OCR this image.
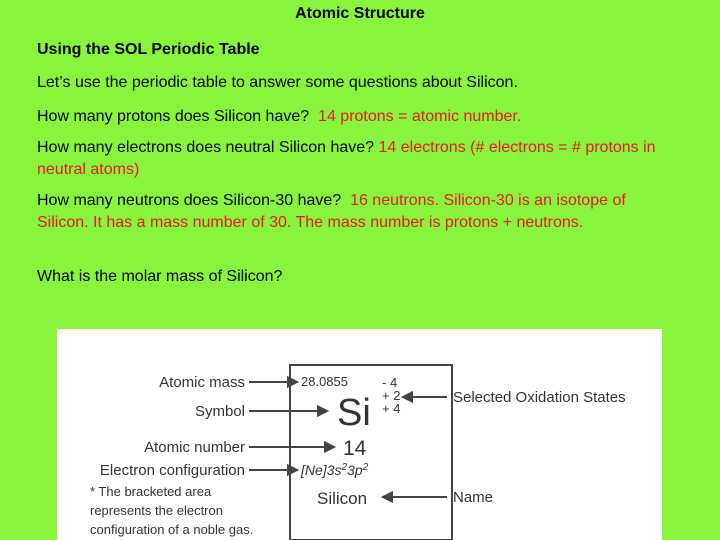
Atomic Structure
Using the SOL Periodic Table
Let’s use the periodic table to answer some questions about Silicon.
How many protons does Silicon have? 14 protons = atomic number.
How many electrons does neutral Silicon have? 14 electrons (# electrons = # protons in neutral atoms)
How many neutrons does Silicon-30 have? 16 neutrons. Silicon-30 is an isotope of Silicon. It has a mass number of 30. The mass number is protons + neutrons.
What is the molar mass of Silicon?
Atomic mass
Symbol
Atomic number
Electron configuration
* The bracketed area
represents the electron
configuration of a noble gas.
28.0855
Si
14
$[Ne]3s^23p^2$
Silicon
- 4
+ 2
+ 4
Selected Oxidation States
Name
